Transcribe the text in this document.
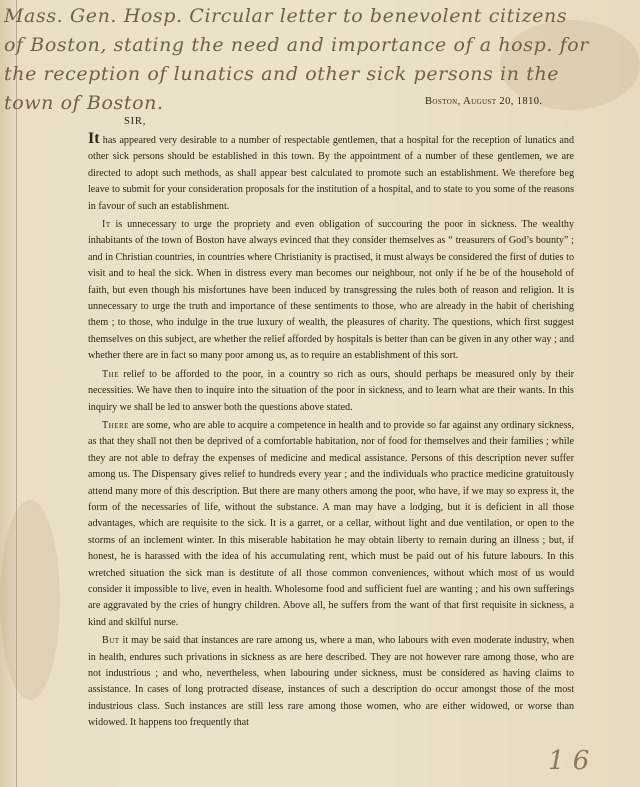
Mass. Gen. Hosp. Circular letter to benevolent citizens
of Boston, stating the need and importance of a hosp. for
the reception of lunatics and other sick persons in the
town of Boston.	Boston, August 20, 1810.
SIR,

It has appeared very desirable to a number of respectable gentlemen, that a hospital for the reception of lunatics and other sick persons should be established in this town. By the appointment of a number of these gentlemen, we are directed to adopt such methods, as shall appear best calculated to promote such an establishment. We therefore beg leave to submit for your consideration proposals for the institution of a hospital, and to state to you some of the reasons in favour of such an establishment.

It is unnecessary to urge the propriety and even obligation of succouring the poor in sickness. The wealthy inhabitants of the town of Boston have always evinced that they consider themselves as “ treasurers of God’s bounty” ; and in Christian countries, in countries where Christianity is practised, it must always be considered the first of duties to visit and to heal the sick. When in distress every man becomes our neighbour, not only if he be of the household of faith, but even though his misfortunes have been induced by transgressing the rules both of reason and religion. It is unnecessary to urge the truth and importance of these sentiments to those, who are already in the habit of cherishing them ; to those, who indulge in the true luxury of wealth, the pleasures of charity. The questions, which first suggest themselves on this subject, are whether the relief afforded by hospitals is better than can be given in any other way ; and whether there are in fact so many poor among us, as to require an establishment of this sort.

The relief to be afforded to the poor, in a country so rich as ours, should perhaps be measured only by their necessities. We have then to inquire into the situation of the poor in sickness, and to learn what are their wants. In this inquiry we shall be led to answer both the questions above stated.

There are some, who are able to acquire a competence in health and to provide so far against any ordinary sickness, as that they shall not then be deprived of a comfortable habitation, nor of food for themselves and their families ; while they are not able to defray the expenses of medicine and medical assistance. Persons of this description never suffer among us. The Dispensary gives relief to hundreds every year ; and the individuals who practice medicine gratuitously attend many more of this description. But there are many others among the poor, who have, if we may so express it, the form of the necessaries of life, without the substance. A man may have a lodging, but it is deficient in all those advantages, which are requisite to the sick. It is a garret, or a cellar, without light and due ventilation, or open to the storms of an inclement winter. In this miserable habitation he may obtain liberty to remain during an illness ; but, if honest, he is harassed with the idea of his accumulating rent, which must be paid out of his future labours. In this wretched situation the sick man is destitute of all those common conveniences, without which most of us would consider it impossible to live, even in health. Wholesome food and sufficient fuel are wanting ; and his own sufferings are aggravated by the cries of hungry children. Above all, he suffers from the want of that first requisite in sickness, a kind and skilful nurse.

But it may be said that instances are rare among us, where a man, who labours with even moderate industry, when in health, endures such privations in sickness as are here described. They are not however rare among those, who are not industrious ; and who, nevertheless, when labouring under sickness, must be considered as having claims to assistance. In cases of long protracted disease, instances of such a description do occur amongst those of the most industrious class. Such instances are still less rare among those women, who are either widowed, or worse than widowed. It happens too frequently that

1 6
